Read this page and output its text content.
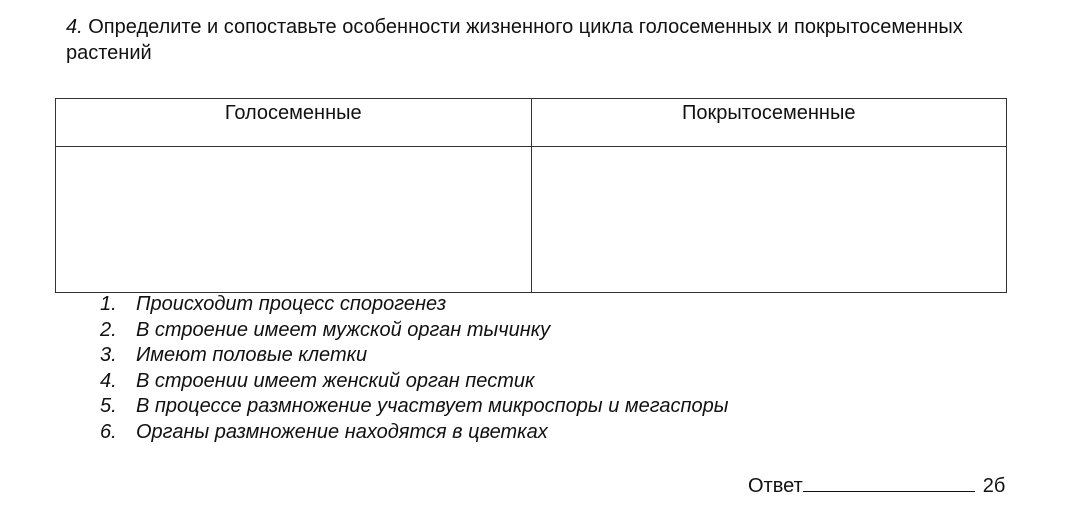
4. Определите и сопоставьте особенности жизненного цикла голосеменных и покрытосеменных растений
Голосеменные	Покрытосеменные

1. Происходит процесс спорогенез
2. В строение имеет мужской орган тычинку
3. Имеют половые клетки
4. В строении имеет женский орган пестик
5. В процессе размножение участвует микроспоры и мегаспоры
6. Органы размножение находятся в цветках
Ответ	2б
